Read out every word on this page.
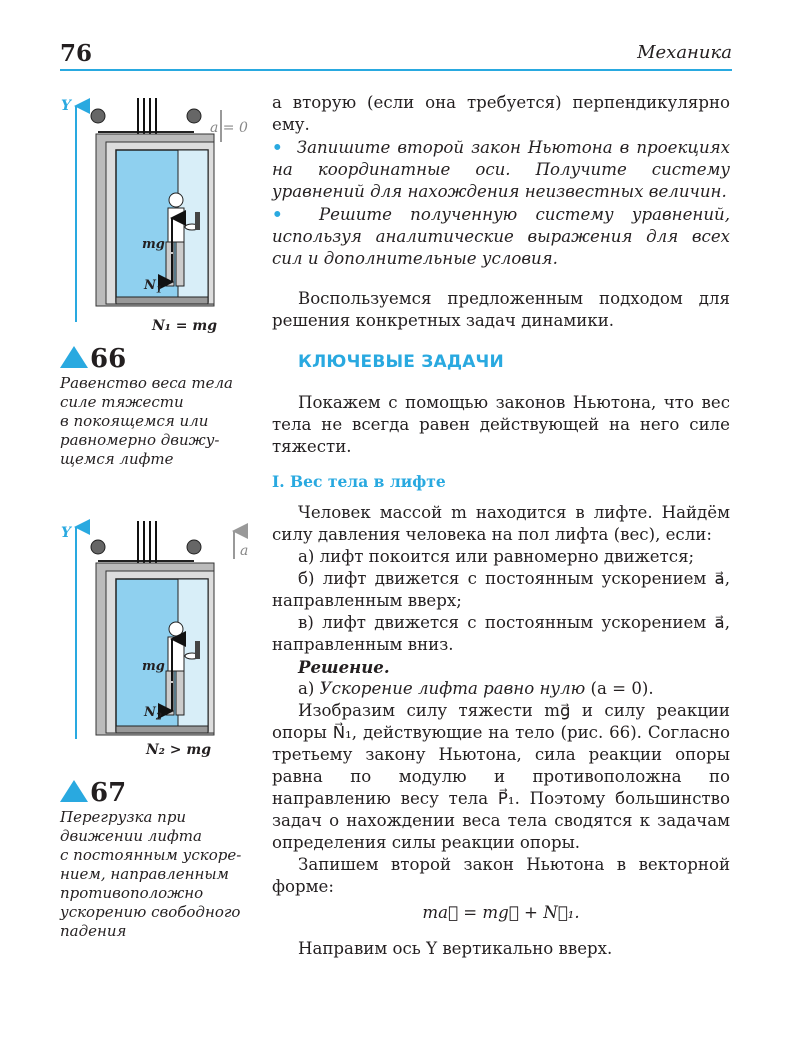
76	Механика
Y
a = 0
mg
$N_1$
N₁ = mg
66
Равенство веса тела
силе тяжести
в покоящемся или
равномерно движу-
щемся лифте
Y
a
mg
$N_2$
N₂ > mg
67
Перегрузка при
движении лифта
с постоянным ускоре-
нием, направленным
противоположно
ускорению свободного
падения

а вторую (если она требуется) перпендикулярно ему.

• Запишите второй закон Ньютона в проекциях на координатные оси. Получите систему уравнений для нахождения неизвестных величин.

• Решите полученную систему уравнений, используя аналитические выражения для всех сил и дополнительные условия.

Воспользуемся предложенным подходом для решения конкретных задач динамики.

КЛЮЧЕВЫЕ ЗАДАЧИ

Покажем с помощью законов Ньютона, что вес тела не всегда равен действующей на него силе тяжести.

I. Вес тела в лифте

Человек массой m находится в лифте. Найдём силу давления человека на пол лифта (вес), если:

а) лифт покоится или равномерно движется;

б) лифт движется с постоянным ускорением a⃗, направленным вверх;

в) лифт движется с постоянным ускорением a⃗, направленным вниз.

Решение.

а) Ускорение лифта равно нулю (a = 0).

Изобразим силу тяжести mg⃗ и силу реакции опоры N⃗₁, действующие на тело (рис. 66). Согласно третьему закону Ньютона, сила реакции опоры равна по модулю и противоположна по направлению весу тела P⃗₁. Поэтому большинство задач о нахождении веса тела сводятся к задачам определения силы реакции опоры.

Запишем второй закон Ньютона в векторной форме:

ma⃗ = mg⃗ + N⃗₁.

Направим ось Y вертикально вверх.
